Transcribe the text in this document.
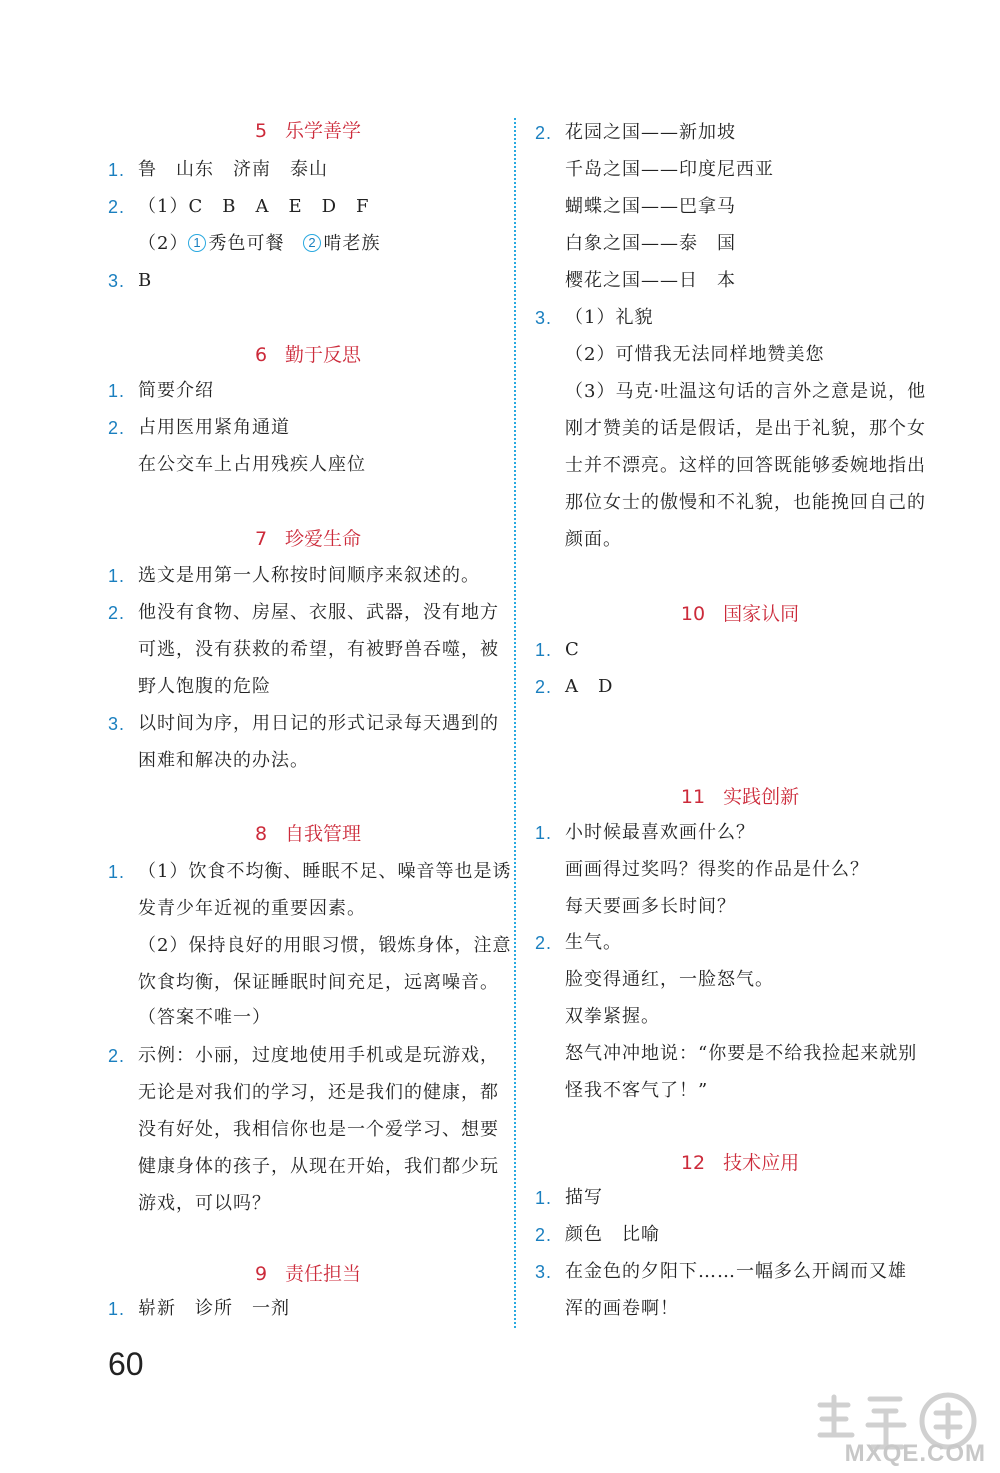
5 乐学善学
1. 鲁　山东　济南　泰山
2. （1）C　B　A　E　D　F
（2） 1 秀色可餐　 2 啃老族
3. B
6 勤于反思
1. 简要介绍
2. 占用医用紧角通道
在公交车上占用残疾人座位
7 珍爱生命
1. 选文是用第一人称按时间顺序来叙述的。
2. 他没有食物、房屋、衣服、武器，没有地方
可逃，没有获救的希望，有被野兽吞噬，被
野人饱腹的危险
3. 以时间为序，用日记的形式记录每天遇到的
困难和解决的办法。
8 自我管理
1. （1）饮食不均衡、睡眠不足、噪音等也是诱
发青少年近视的重要因素。
（2）保持良好的用眼习惯，锻炼身体，注意
饮食均衡，保证睡眠时间充足，远离噪音。
（答案不唯一）
2. 示例：小丽，过度地使用手机或是玩游戏，
无论是对我们的学习，还是我们的健康，都
没有好处，我相信你也是一个爱学习、想要
健康身体的孩子，从现在开始，我们都少玩
游戏，可以吗？
9 责任担当
1. 崭新　诊所　一剂
2. 花园之国——新加坡
千岛之国——印度尼西亚
蝴蝶之国——巴拿马
白象之国——泰　国
樱花之国——日　本
3. （1）礼貌
（2）可惜我无法同样地赞美您
（3）马克·吐温这句话的言外之意是说，他
刚才赞美的话是假话，是出于礼貌，那个女
士并不漂亮。这样的回答既能够委婉地指出
那位女士的傲慢和不礼貌，也能挽回自己的
颜面。
10 国家认同
1. C
2. A　D
11 实践创新
1. 小时候最喜欢画什么？
画画得过奖吗？得奖的作品是什么？
每天要画多长时间？
2. 生气。
脸变得通红，一脸怒气。
双拳紧握。
怒气冲冲地说：“你要是不给我捡起来就别
怪我不客气了！”
12 技术应用
1. 描写
2. 颜色　比喻
3. 在金色的夕阳下……一幅多么开阔而又雄
浑的画卷啊！
60
MXQE.COM
